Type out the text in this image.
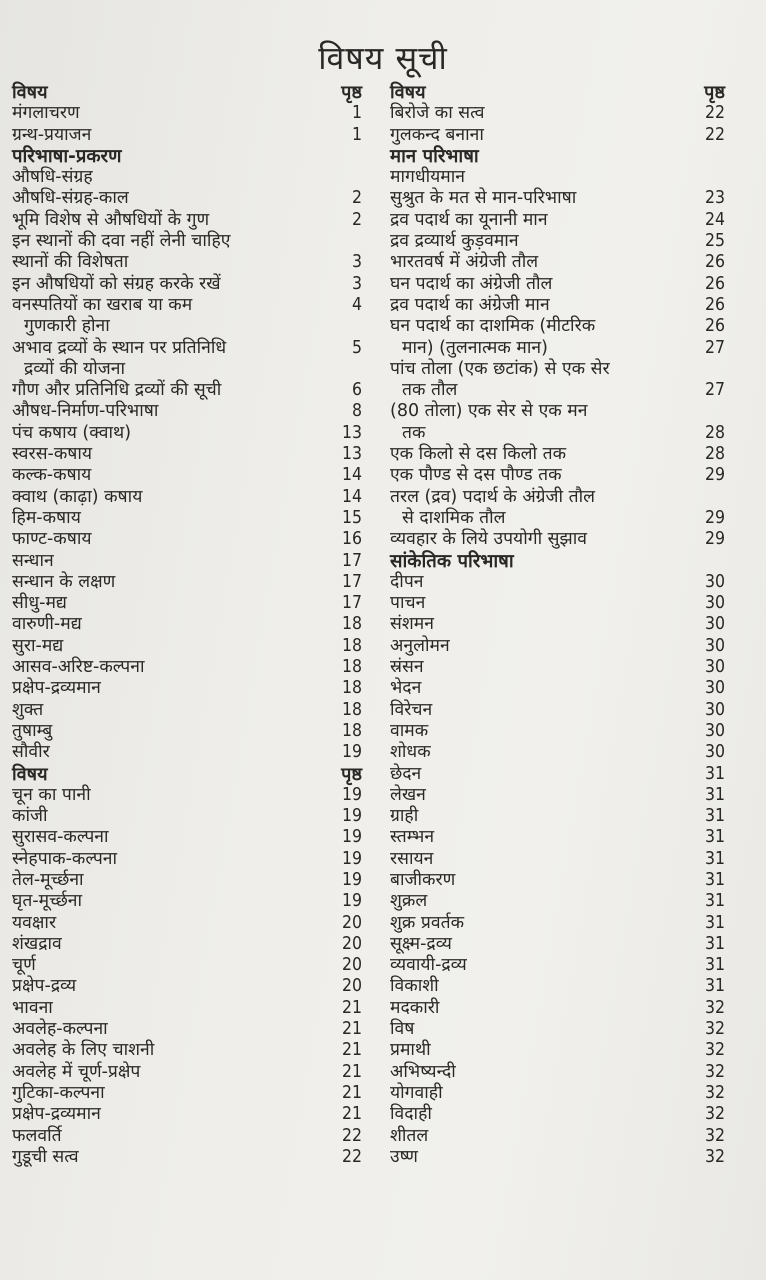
विषय सूची
विषय	पृष्ठ
मंगलाचरण	1
ग्रन्थ-प्रयाजन	1
परिभाषा-प्रकरण
औषधि-संग्रह
औषधि-संग्रह-काल	2
भूमि विशेष से औषधियों के गुण	2
इन स्थानों की दवा नहीं लेनी चाहिए
स्थानों की विशेषता	3
इन औषधियों को संग्रह करके रखें	3
वनस्पतियों का खराब या कम	4
गुणकारी होना
अभाव द्रव्यों के स्थान पर प्रतिनिधि	5
द्रव्यों की योजना
गौण और प्रतिनिधि द्रव्यों की सूची	6
औषध-निर्माण-परिभाषा	8
पंच कषाय (क्वाथ)	13
स्वरस-कषाय	13
कल्क-कषाय	14
क्वाथ (काढ़ा) कषाय	14
हिम-कषाय	15
फाण्ट-कषाय	16
सन्धान	17
सन्धान के लक्षण	17
सीधु-मद्य	17
वारुणी-मद्य	18
सुरा-मद्य	18
आसव-अरिष्ट-कल्पना	18
प्रक्षेप-द्रव्यमान	18
शुक्त	18
तुषाम्बु	18
सौवीर	19
विषय	पृष्ठ
चून का पानी	19
कांजी	19
सुरासव-कल्पना	19
स्नेहपाक-कल्पना	19
तेल-मूर्च्छना	19
घृत-मूर्च्छना	19
यवक्षार	20
शंखद्राव	20
चूर्ण	20
प्रक्षेप-द्रव्य	20
भावना	21
अवलेह-कल्पना	21
अवलेह के लिए चाशनी	21
अवलेह में चूर्ण-प्रक्षेप	21
गुटिका-कल्पना	21
प्रक्षेप-द्रव्यमान	21
फलवर्ति	22
गुडूची सत्व	22
विषय	पृष्ठ
बिरोजे का सत्व	22
गुलकन्द बनाना	22
मान परिभाषा
मागधीयमान
सुश्रुत के मत से मान-परिभाषा	23
द्रव पदार्थ का यूनानी मान	24
द्रव द्रव्यार्थ कुड़वमान	25
भारतवर्ष में अंग्रेजी तौल	26
घन पदार्थ का अंग्रेजी तौल	26
द्रव पदार्थ का अंग्रेजी मान	26
घन पदार्थ का दाशमिक (मीटरिक	26
मान) (तुलनात्मक मान)	27
पांच तोला (एक छटांक) से एक सेर
तक तौल	27
(80 तोला) एक सेर से एक मन
तक	28
एक किलो से दस किलो तक	28
एक पौण्ड से दस पौण्ड तक	29
तरल (द्रव) पदार्थ के अंग्रेजी तौल
से दाशमिक तौल	29
व्यवहार के लिये उपयोगी सुझाव	29
सांकेतिक परिभाषा
दीपन	30
पाचन	30
संशमन	30
अनुलोमन	30
स्रंसन	30
भेदन	30
विरेचन	30
वामक	30
शोधक	30
छेदन	31
लेखन	31
ग्राही	31
स्तम्भन	31
रसायन	31
बाजीकरण	31
शुक्रल	31
शुक्र प्रवर्तक	31
सूक्ष्म-द्रव्य	31
व्यवायी-द्रव्य	31
विकाशी	31
मदकारी	32
विष	32
प्रमाथी	32
अभिष्यन्दी	32
योगवाही	32
विदाही	32
शीतल	32
उष्ण	32
